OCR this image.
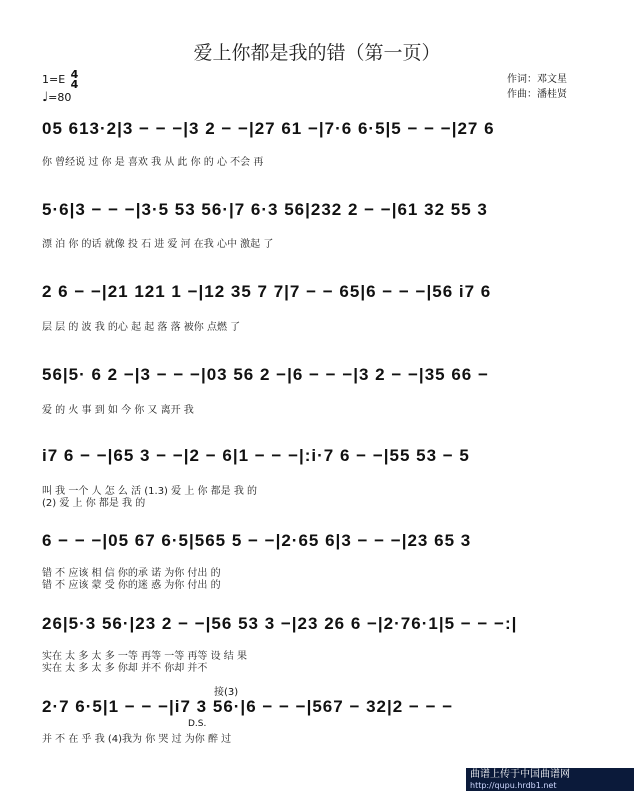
爱上你都是我的错（第一页）
1=E 4
4
♩=80
作词：邓文星
作曲：潘桂贤
05 613·2|3 − − −|3 2 − −|27 61 −|7·6 6·5|5 − − −|27 6
你 曾经说 过 你 是 喜欢 我 从 此 你 的 心 不会 再
5·6|3 − − −|3·5 53 56·|7 6·3 56|232 2 − −|61 32 55 3
漂 泊 你 的话 就像 投 石 进 爱 河 在我 心中 激起 了
2 6 − −|21 121 1 −|12 35 7 7|7 − − 65|6 − − −|56 i7 6
层 层 的 波 我 的心 起 起 落 落 被你 点燃 了
56|5· 6 2 −|3 − − −|03 56 2 −|6 − − −|3 2 − −|35 66 −
爱 的 火 事 到 如 今 你 又 离开 我
i7 6 − −|65 3 − −|2 − 6|1 − − −|:i·7 6 − −|55 53 − 5
叫 我 一个 人 怎 么 活 (1.3) 爱 上 你 都是 我 的
(2) 爱 上 你 都是 我 的
6 − − −|05 67 6·5|565 5 − −|2·65 6|3 − − −|23 65 3
错 不 应该 相 信 你的承 诺 为你 付出 的
错 不 应该 蒙 受 你的迷 惑 为你 付出 的
26|5·3 56·|23 2 − −|56 53 3 −|23 26 6 −|2·76·1|5 − − −:|
实在 太 多 太 多 一等 再等 一等 再等 设 结 果
实在 太 多 太 多 你却 并不 你却 并不
接(3)
2·7 6·5|1 − − −|i7 3 56·|6 − − −|567 − 32|2 − − −
D.S.
并 不 在 乎 我 (4)我为 你 哭 过 为你 醉 过
曲谱上传于中国曲谱网
http://qupu.hrdb1.net
